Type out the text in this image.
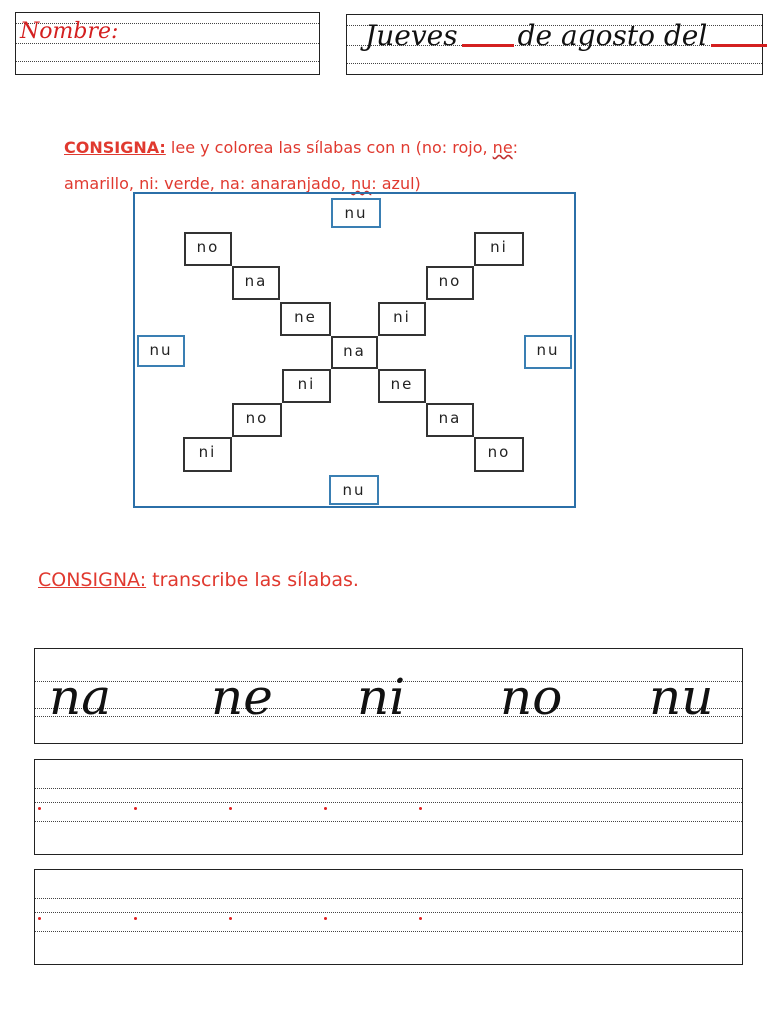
Nombre:	Jueves de agosto del
CONSIGNA: lee y colorea las sílabas con n (no: rojo, ne:
amarillo, ni: verde, na: anaranjado, nu: azul)
nu
nu	nu
nu
na
no
na
ne
ni
no
ni
ni
no
ni
ne
na
no
CONSIGNA: transcribe las sílabas.
na ne ni no nu
